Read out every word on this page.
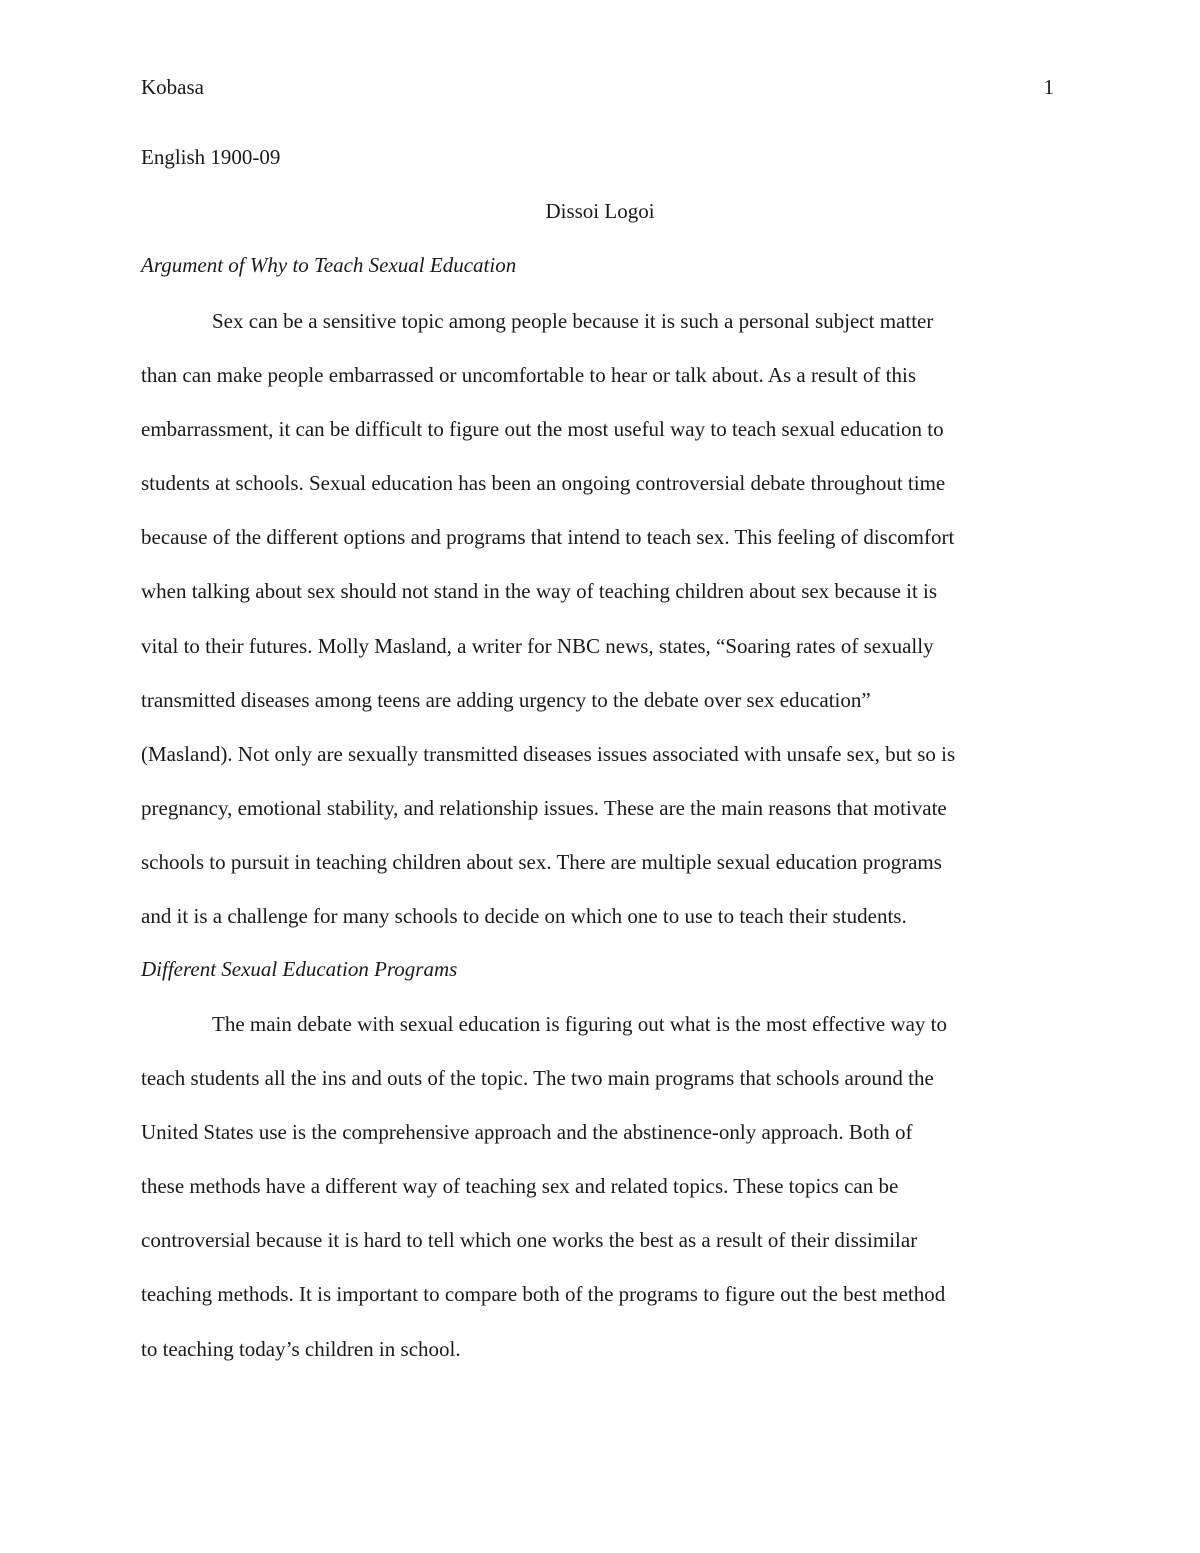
Kobasa	1
English 1900-09
Dissoi Logoi
Argument of Why to Teach Sexual Education
Sex can be a sensitive topic among people because it is such a personal subject matter
than can make people embarrassed or uncomfortable to hear or talk about. As a result of this
embarrassment, it can be difficult to figure out the most useful way to teach sexual education to
students at schools. Sexual education has been an ongoing controversial debate throughout time
because of the different options and programs that intend to teach sex. This feeling of discomfort
when talking about sex should not stand in the way of teaching children about sex because it is
vital to their futures. Molly Masland, a writer for NBC news, states, “Soaring rates of sexually
transmitted diseases among teens are adding urgency to the debate over sex education”
(Masland). Not only are sexually transmitted diseases issues associated with unsafe sex, but so is
pregnancy, emotional stability, and relationship issues. These are the main reasons that motivate
schools to pursuit in teaching children about sex. There are multiple sexual education programs
and it is a challenge for many schools to decide on which one to use to teach their students.
Different Sexual Education Programs
The main debate with sexual education is figuring out what is the most effective way to
teach students all the ins and outs of the topic. The two main programs that schools around the
United States use is the comprehensive approach and the abstinence-only approach. Both of
these methods have a different way of teaching sex and related topics. These topics can be
controversial because it is hard to tell which one works the best as a result of their dissimilar
teaching methods. It is important to compare both of the programs to figure out the best method
to teaching today’s children in school.
